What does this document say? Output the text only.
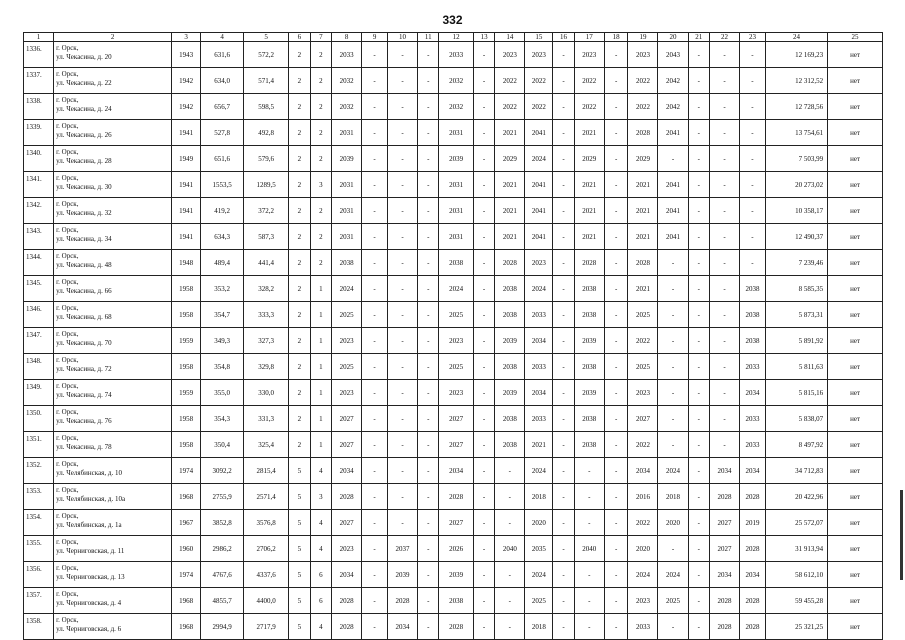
332
1	2	3	4	5	6	7	8	9	10	11	12	13	14	15	16	17	18	19	20	21	22	23	24	25
1336.	г. Орск,
ул. Чекасина, д. 20	1943	631,6	572,2	2	2	2033	-	-	-	2033	-	2023	2023	-	2023	-	2023	2043	-	-	-	12 169,23	нет
1337.	г. Орск,
ул. Чекасина, д. 22	1942	634,0	571,4	2	2	2032	-	-	-	2032	-	2022	2022	-	2022	-	2022	2042	-	-	-	12 312,52	нет
1338.	г. Орск,
ул. Чекасина, д. 24	1942	656,7	598,5	2	2	2032	-	-	-	2032	-	2022	2022	-	2022	-	2022	2042	-	-	-	12 728,56	нет
1339.	г. Орск,
ул. Чекасина, д. 26	1941	527,8	492,8	2	2	2031	-	-	-	2031	-	2021	2041	-	2021	-	2028	2041	-	-	-	13 754,61	нет
1340.	г. Орск,
ул. Чекасина, д. 28	1949	651,6	579,6	2	2	2039	-	-	-	2039	-	2029	2024	-	2029	-	2029	-	-	-	-	7 503,99	нет
1341.	г. Орск,
ул. Чекасина, д. 30	1941	1553,5	1289,5	2	3	2031	-	-	-	2031	-	2021	2041	-	2021	-	2021	2041	-	-	-	20 273,02	нет
1342.	г. Орск,
ул. Чекасина, д. 32	1941	419,2	372,2	2	2	2031	-	-	-	2031	-	2021	2041	-	2021	-	2021	2041	-	-	-	10 358,17	нет
1343.	г. Орск,
ул. Чекасина, д. 34	1941	634,3	587,3	2	2	2031	-	-	-	2031	-	2021	2041	-	2021	-	2021	2041	-	-	-	12 490,37	нет
1344.	г. Орск,
ул. Чекасина, д. 48	1948	489,4	441,4	2	2	2038	-	-	-	2038	-	2028	2023	-	2028	-	2028	-	-	-	-	7 239,46	нет
1345.	г. Орск,
ул. Чекасина, д. 66	1958	353,2	328,2	2	1	2024	-	-	-	2024	-	2038	2024	-	2038	-	2021	-	-	-	2038	8 585,35	нет
1346.	г. Орск,
ул. Чекасина, д. 68	1958	354,7	333,3	2	1	2025	-	-	-	2025	-	2038	2033	-	2038	-	2025	-	-	-	2038	5 873,31	нет
1347.	г. Орск,
ул. Чекасина, д. 70	1959	349,3	327,3	2	1	2023	-	-	-	2023	-	2039	2034	-	2039	-	2022	-	-	-	2038	5 891,92	нет
1348.	г. Орск,
ул. Чекасина, д. 72	1958	354,8	329,8	2	1	2025	-	-	-	2025	-	2038	2033	-	2038	-	2025	-	-	-	2033	5 811,63	нет
1349.	г. Орск,
ул. Чекасина, д. 74	1959	355,0	330,0	2	1	2023	-	-	-	2023	-	2039	2034	-	2039	-	2023	-	-	-	2034	5 815,16	нет
1350.	г. Орск,
ул. Чекасина, д. 76	1958	354,3	331,3	2	1	2027	-	-	-	2027	-	2038	2033	-	2038	-	2027	-	-	-	2033	5 838,07	нет
1351.	г. Орск,
ул. Чекасина, д. 78	1958	350,4	325,4	2	1	2027	-	-	-	2027	-	2038	2021	-	2038	-	2022	-	-	-	2033	8 497,92	нет
1352.	г. Орск,
ул. Челябинская, д. 10	1974	3092,2	2815,4	5	4	2034	-	-	-	2034	-	-	2024	-	-	-	2034	2024	-	2034	2034	34 712,83	нет
1353.	г. Орск,
ул. Челябинская, д. 10а	1968	2755,9	2571,4	5	3	2028	-	-	-	2028	-	-	2018	-	-	-	2016	2018	-	2028	2028	20 422,96	нет
1354.	г. Орск,
ул. Челябинская, д. 1а	1967	3852,8	3576,8	5	4	2027	-	-	-	2027	-	-	2020	-	-	-	2022	2020	-	2027	2019	25 572,07	нет
1355.	г. Орск,
ул. Черниговская, д. 11	1960	2986,2	2706,2	5	4	2023	-	2037	-	2026	-	2040	2035	-	2040	-	2020	-	-	2027	2028	31 913,94	нет
1356.	г. Орск,
ул. Черниговская, д. 13	1974	4767,6	4337,6	5	6	2034	-	2039	-	2039	-	-	2024	-	-	-	2024	2024	-	2034	2034	58 612,10	нет
1357.	г. Орск,
ул. Черниговская, д. 4	1968	4855,7	4400,0	5	6	2028	-	2028	-	2038	-	-	2025	-	-	-	2023	2025	-	2028	2028	59 455,28	нет
1358.	г. Орск,
ул. Черниговская, д. 6	1968	2994,9	2717,9	5	4	2028	-	2034	-	2028	-	-	2018	-	-	-	2033	-	-	2028	2028	25 321,25	нет
